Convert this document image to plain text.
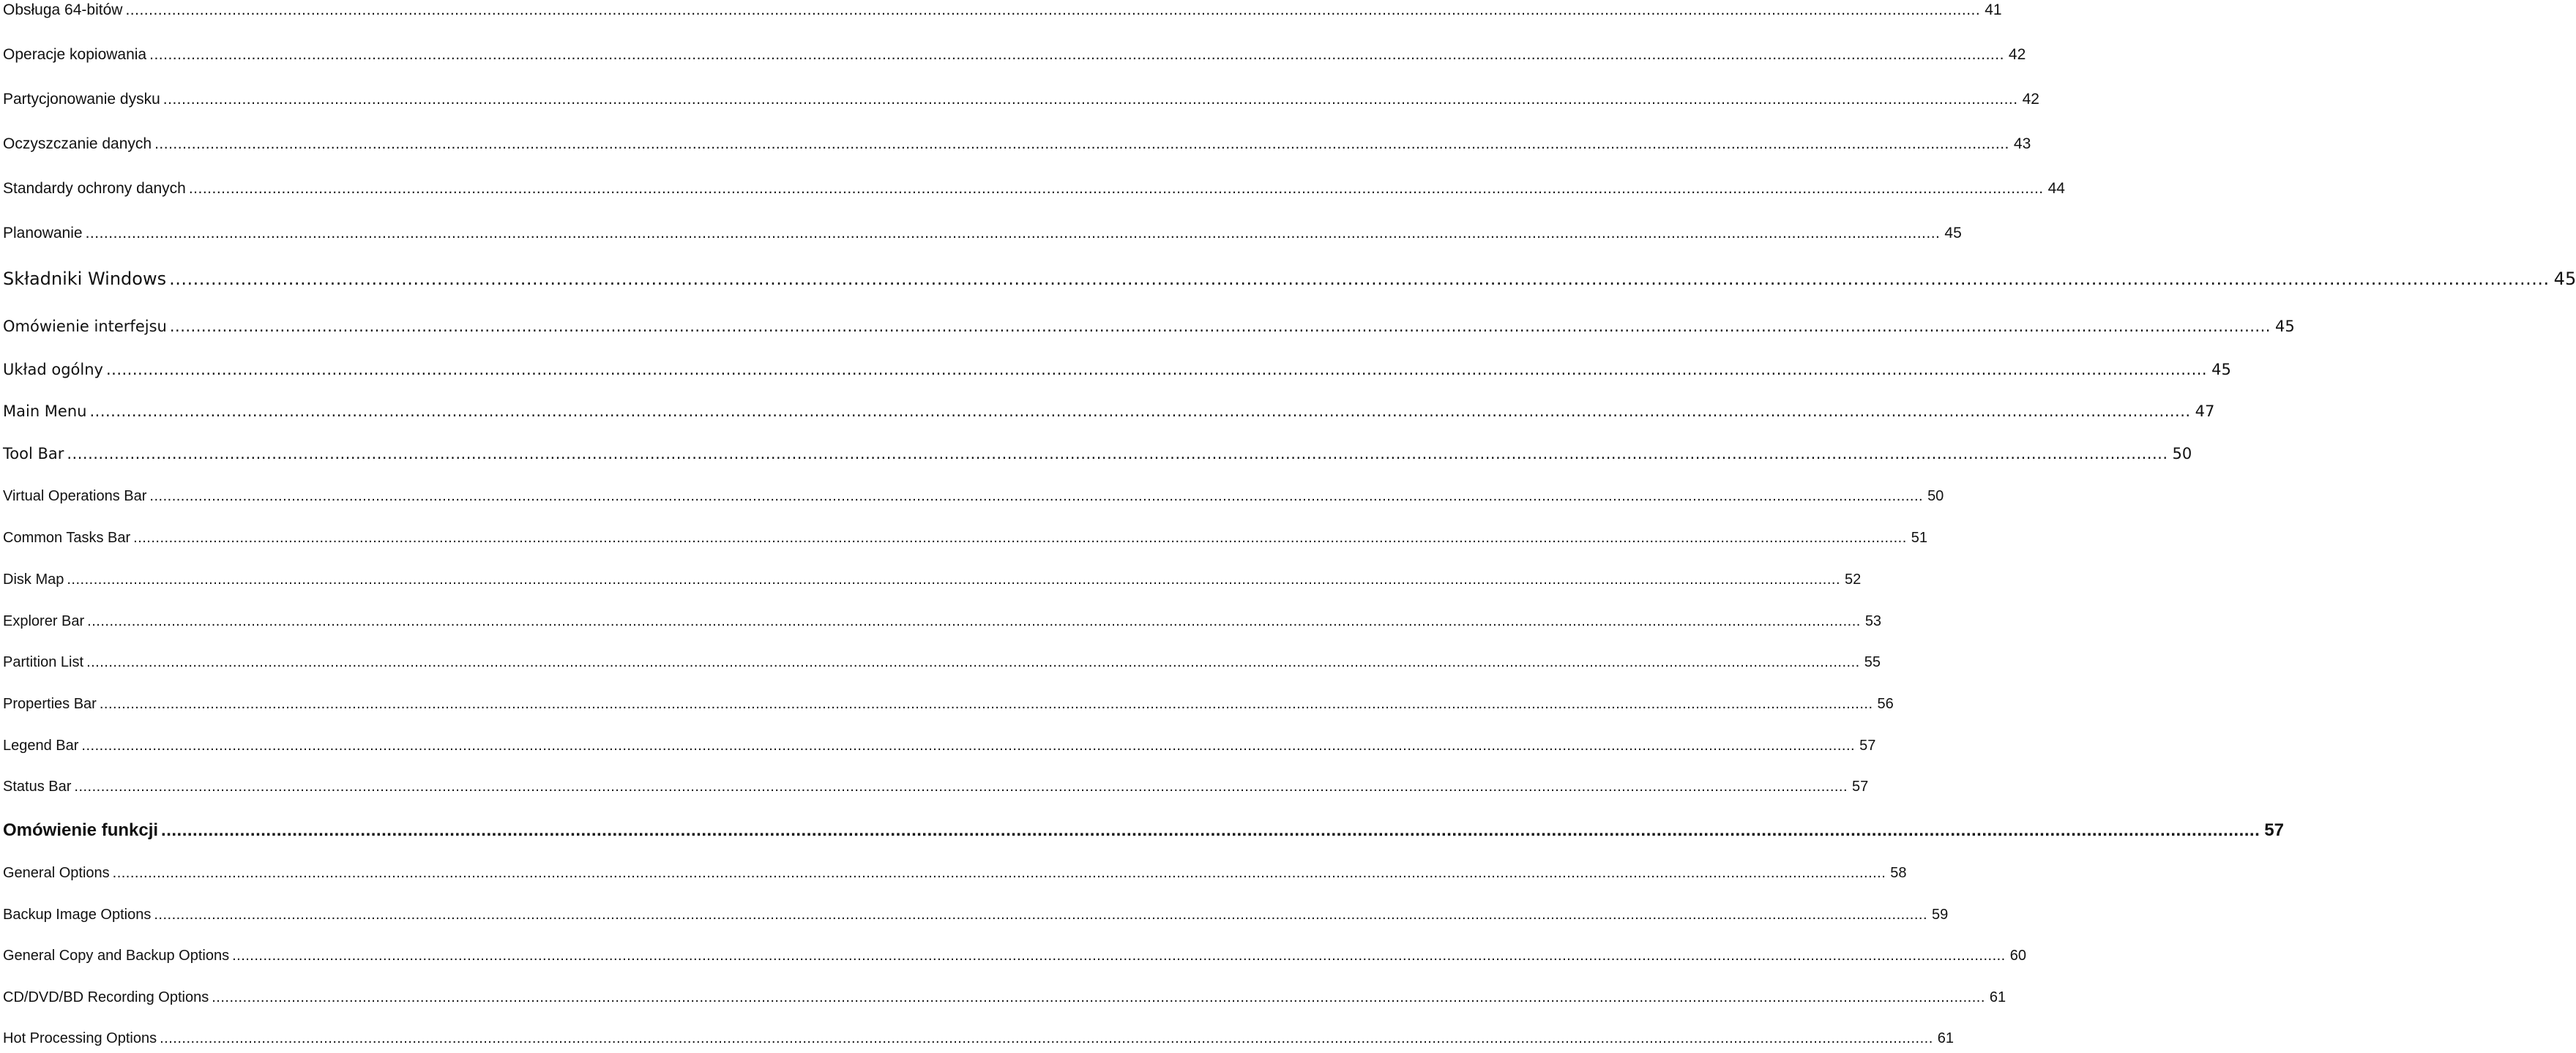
Obsługa 64-bitów ................................................................................................................................................................................................................................................................................................................................................................................................................ 41
Operacje kopiowania ................................................................................................................................................................................................................................................................................................................................................................................................................ 42
Partycjonowanie dysku ................................................................................................................................................................................................................................................................................................................................................................................................................ 42
Oczyszczanie danych ................................................................................................................................................................................................................................................................................................................................................................................................................ 43
Standardy ochrony danych ................................................................................................................................................................................................................................................................................................................................................................................................................ 44
Planowanie ................................................................................................................................................................................................................................................................................................................................................................................................................ 45
Składniki Windows ................................................................................................................................................................................................................................................................................................................................................................................................................ 45
Omówienie interfejsu ................................................................................................................................................................................................................................................................................................................................................................................................................ 45
Układ ogólny ................................................................................................................................................................................................................................................................................................................................................................................................................ 45
Main Menu ................................................................................................................................................................................................................................................................................................................................................................................................................ 47
Tool Bar ................................................................................................................................................................................................................................................................................................................................................................................................................ 50
Virtual Operations Bar ................................................................................................................................................................................................................................................................................................................................................................................................................ 50
Common Tasks Bar ................................................................................................................................................................................................................................................................................................................................................................................................................ 51
Disk Map ................................................................................................................................................................................................................................................................................................................................................................................................................ 52
Explorer Bar ................................................................................................................................................................................................................................................................................................................................................................................................................ 53
Partition List ................................................................................................................................................................................................................................................................................................................................................................................................................ 55
Properties Bar ................................................................................................................................................................................................................................................................................................................................................................................................................ 56
Legend Bar ................................................................................................................................................................................................................................................................................................................................................................................................................ 57
Status Bar ................................................................................................................................................................................................................................................................................................................................................................................................................ 57
Omówienie funkcji ................................................................................................................................................................................................................................................................................................................................................................................................................ 57
General Options ................................................................................................................................................................................................................................................................................................................................................................................................................ 58
Backup Image Options ................................................................................................................................................................................................................................................................................................................................................................................................................ 59
General Copy and Backup Options ................................................................................................................................................................................................................................................................................................................................................................................................................ 60
CD/DVD/BD Recording Options ................................................................................................................................................................................................................................................................................................................................................................................................................ 61
Hot Processing Options ................................................................................................................................................................................................................................................................................................................................................................................................................ 61
